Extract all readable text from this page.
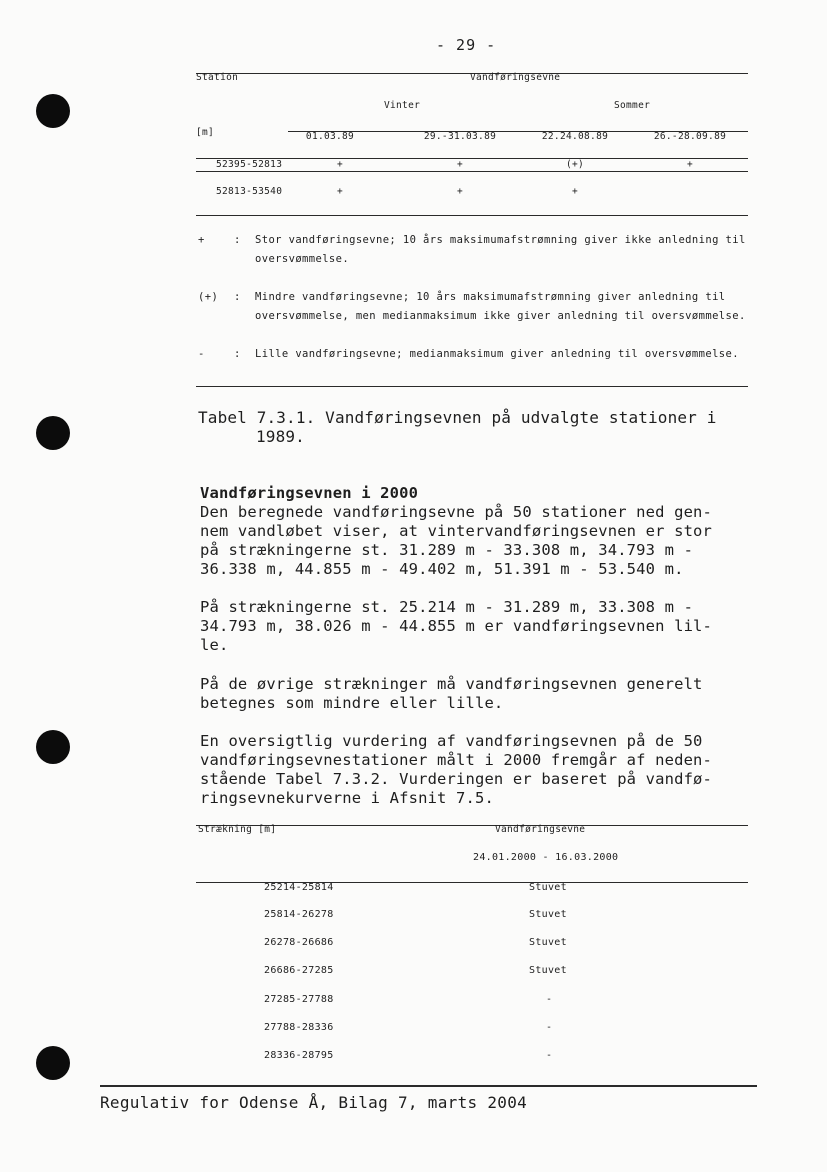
- 29 -
Station	Vandføringsevne
Vinter	Sommer
[m]	01.03.89	29.-31.03.89	22.24.08.89	26.-28.09.89
52395-52813	+	+	(+)	+
52813-53540	+	+	+
+	: Stor vandføringsevne; 10 års maksimumafstrømning giver ikke anledning til
oversvømmelse.
(+) : Mindre vandføringsevne; 10 års maksimumafstrømning giver anledning til
oversvømmelse, men medianmaksimum ikke giver anledning til oversvømmelse.
-	: Lille vandføringsevne; medianmaksimum giver anledning til oversvømmelse.
Tabel 7.3.1. Vandføringsevnen på udvalgte stationer i
1989.
Vandføringsevnen i 2000
Den beregnede vandføringsevne på 50 stationer ned gen-
nem vandløbet viser, at vintervandføringsevnen er stor
på strækningerne st. 31.289 m - 33.308 m, 34.793 m -
36.338 m, 44.855 m - 49.402 m, 51.391 m - 53.540 m.
På strækningerne st. 25.214 m - 31.289 m, 33.308 m -
34.793 m, 38.026 m - 44.855 m er vandføringsevnen lil-
le.
På de øvrige strækninger må vandføringsevnen generelt
betegnes som mindre eller lille.
En oversigtlig vurdering af vandføringsevnen på de 50
vandføringsevnestationer målt i 2000 fremgår af neden-
stående Tabel 7.3.2. Vurderingen er baseret på vandfø-
ringsevnekurverne i Afsnit 7.5.
Strækning [m]	Vandføringsevne
24.01.2000 - 16.03.2000
25214-25814	Stuvet
25814-26278	Stuvet
26278-26686	Stuvet
26686-27285	Stuvet
27285-27788	-
27788-28336	-
28336-28795	-
Regulativ for Odense Å, Bilag 7, marts 2004
